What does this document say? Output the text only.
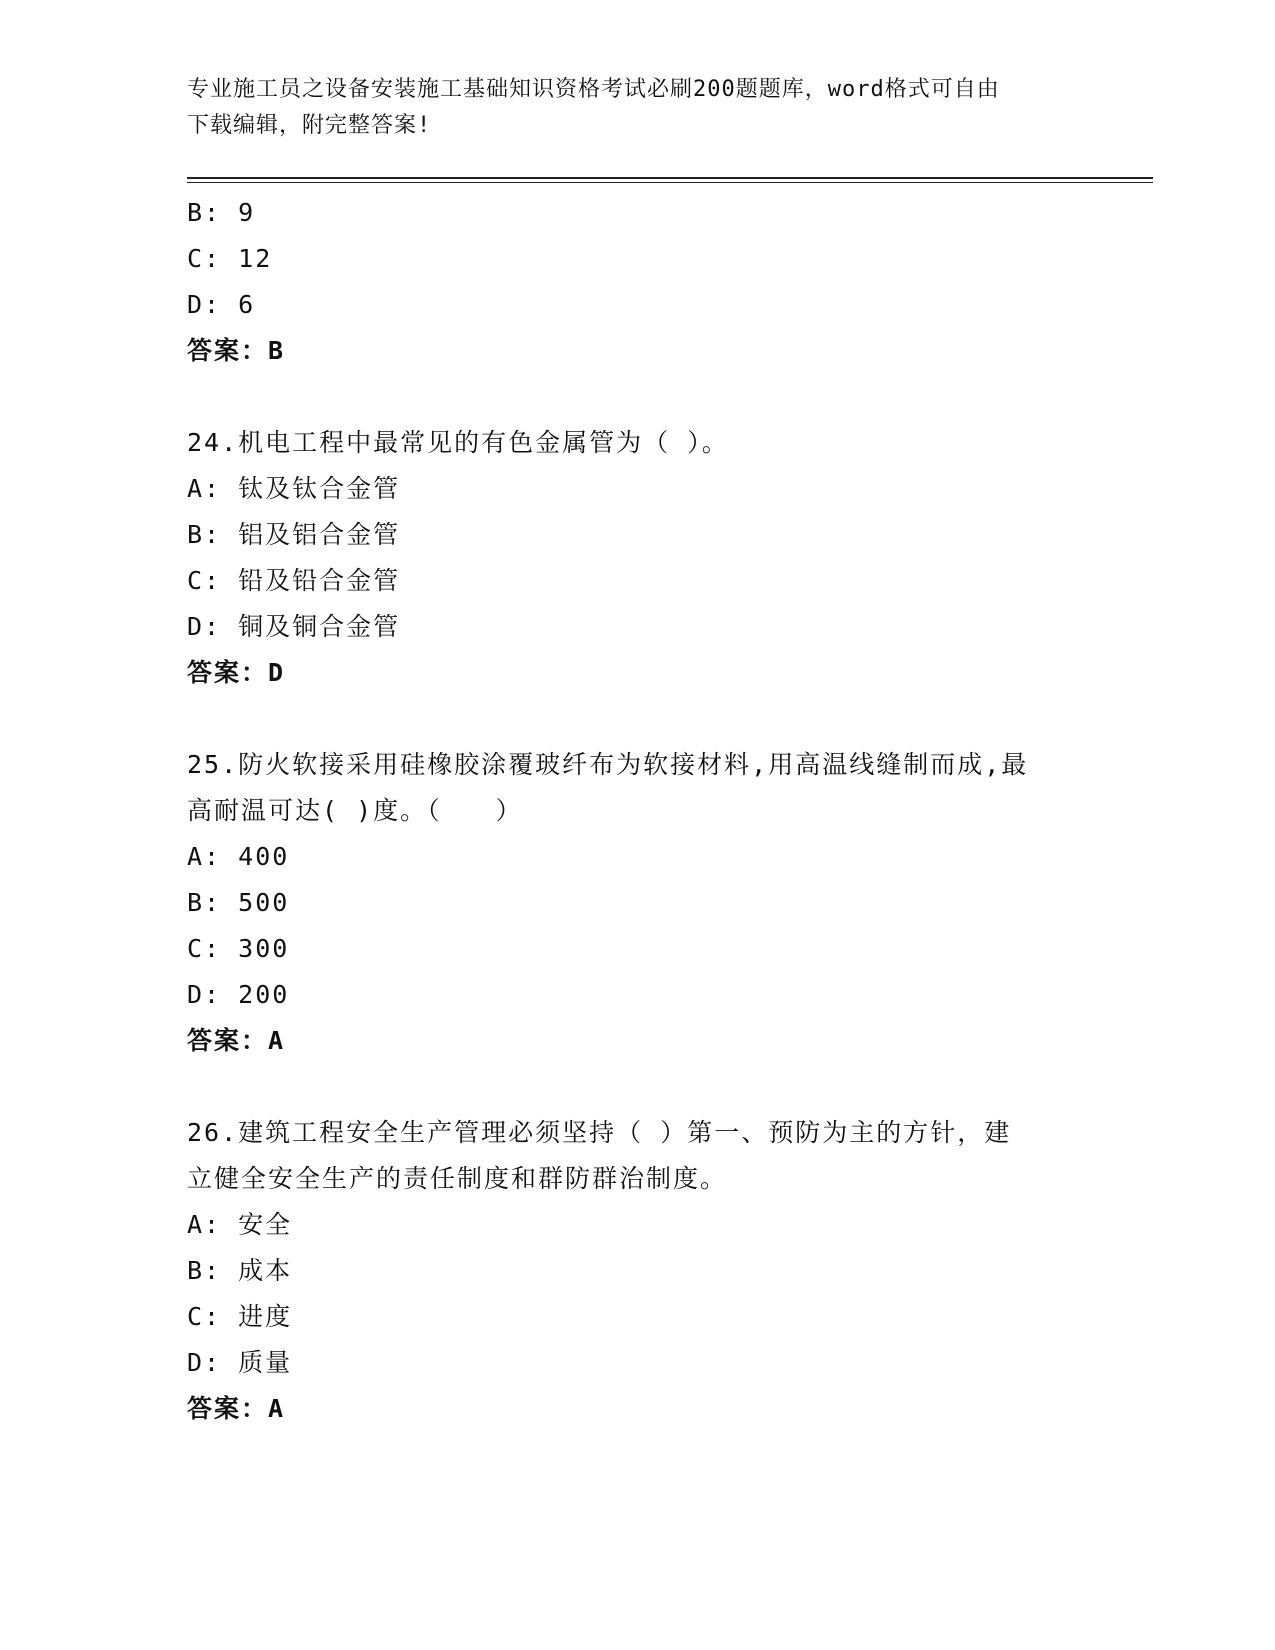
专业施工员之设备安装施工基础知识资格考试必刷200题题库，word格式可自由
下载编辑，附完整答案!
B: 9
C: 12
D: 6
答案：B
24.机电工程中最常见的有色金属管为（ ）。
A: 钛及钛合金管
B: 铝及铝合金管
C: 铅及铅合金管
D: 铜及铜合金管
答案：D
25.防火软接采用硅橡胶涂覆玻纤布为软接材料,用高温线缝制而成,最
高耐温可达( )度。（　　）
A: 400
B: 500
C: 300
D: 200
答案：A
26.建筑工程安全生产管理必须坚持（ ）第一、预防为主的方针，建
立健全安全生产的责任制度和群防群治制度。
A: 安全
B: 成本
C: 进度
D: 质量
答案：A
